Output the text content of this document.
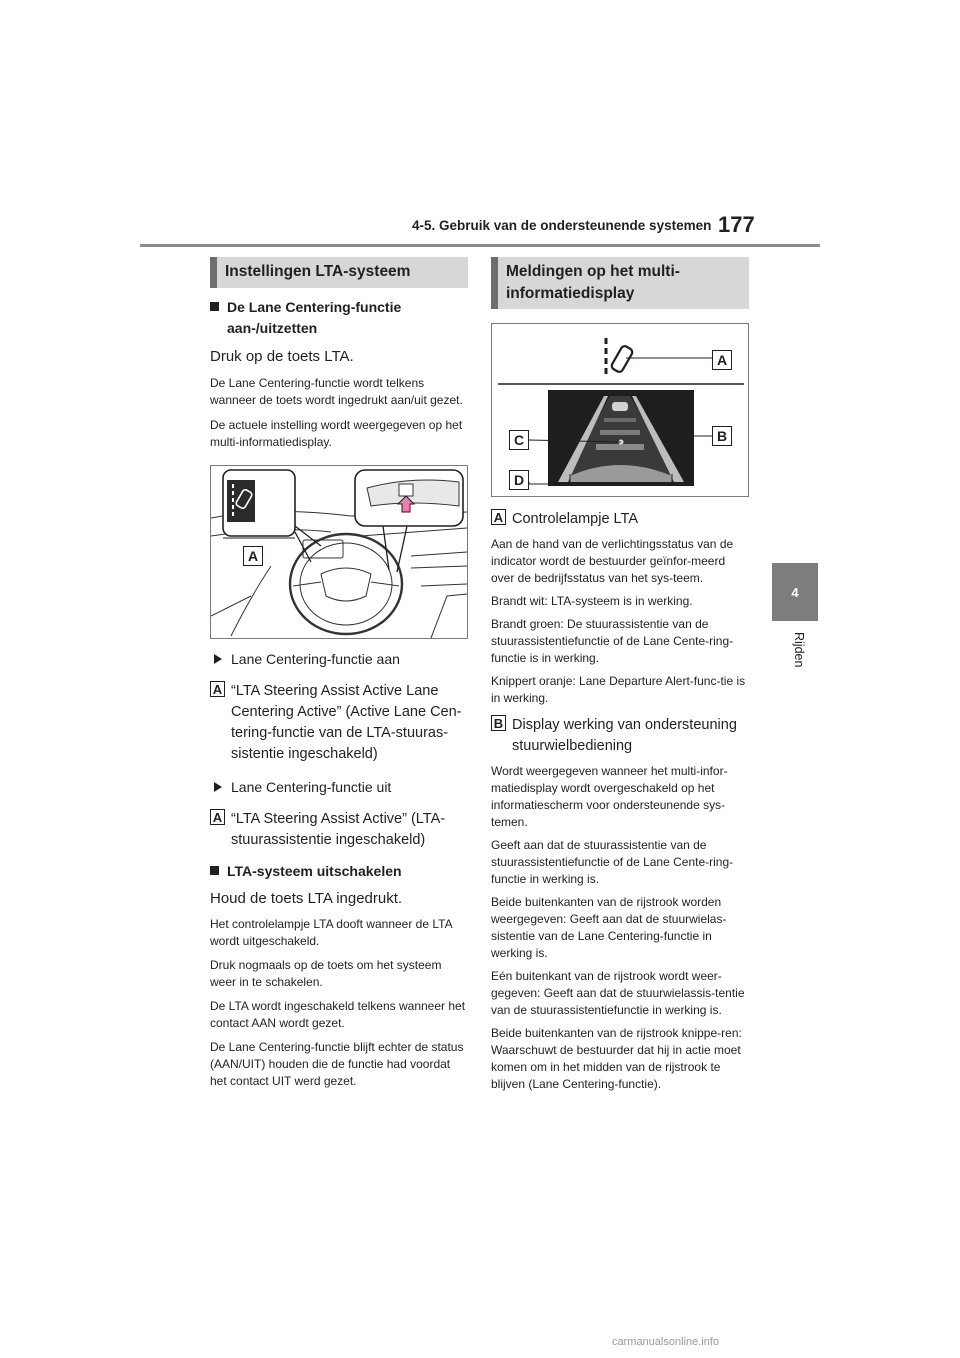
4-5. Gebruik van de ondersteunende systemen 177
4
Rijden
Instellingen LTA-systeem
De Lane Centering-functie aan-/uitzetten
Druk op de toets LTA.
De Lane Centering-functie wordt telkens wanneer de toets wordt ingedrukt aan/uit gezet.
De actuele instelling wordt weergegeven op het multi-informatiedisplay.
A
Lane Centering-functie aan
A “LTA Steering Assist Active Lane Centering Active” (Active Lane Cen-tering-functie van de LTA-stuuras-sistentie ingeschakeld)
Lane Centering-functie uit
A “LTA Steering Assist Active” (LTA-stuurassistentie ingeschakeld)
LTA-systeem uitschakelen
Houd de toets LTA ingedrukt.
Het controlelampje LTA dooft wanneer de LTA wordt uitgeschakeld.
Druk nogmaals op de toets om het systeem weer in te schakelen.
De LTA wordt ingeschakeld telkens wanneer het contact AAN wordt gezet.
De Lane Centering-functie blijft echter de status (AAN/UIT) houden die de functie had voordat het contact UIT werd gezet.
Meldingen op het multi-informatiedisplay
A
B
C
D
A Controlelampje LTA
Aan de hand van de verlichtingsstatus van de indicator wordt de bestuurder geïnfor-meerd over de bedrijfsstatus van het sys-teem.
Brandt wit: LTA-systeem is in werking.
Brandt groen: De stuurassistentie van de stuurassistentiefunctie of de Lane Cente-ring-functie is in werking.
Knippert oranje: Lane Departure Alert-func-tie is in werking.
B Display werking van ondersteuning stuurwielbediening
Wordt weergegeven wanneer het multi-infor-matiedisplay wordt overgeschakeld op het informatiescherm voor ondersteunende sys-temen.
Geeft aan dat de stuurassistentie van de stuurassistentiefunctie of de Lane Cente-ring-functie in werking is.
Beide buitenkanten van de rijstrook worden weergegeven: Geeft aan dat de stuurwielas-sistentie van de Lane Centering-functie in werking is.
Eén buitenkant van de rijstrook wordt weer-gegeven: Geeft aan dat de stuurwielassis-tentie van de stuurassistentiefunctie in werking is.
Beide buitenkanten van de rijstrook knippe-ren: Waarschuwt de bestuurder dat hij in actie moet komen om in het midden van de rijstrook te blijven (Lane Centering-functie).
carmanualsonline.info
